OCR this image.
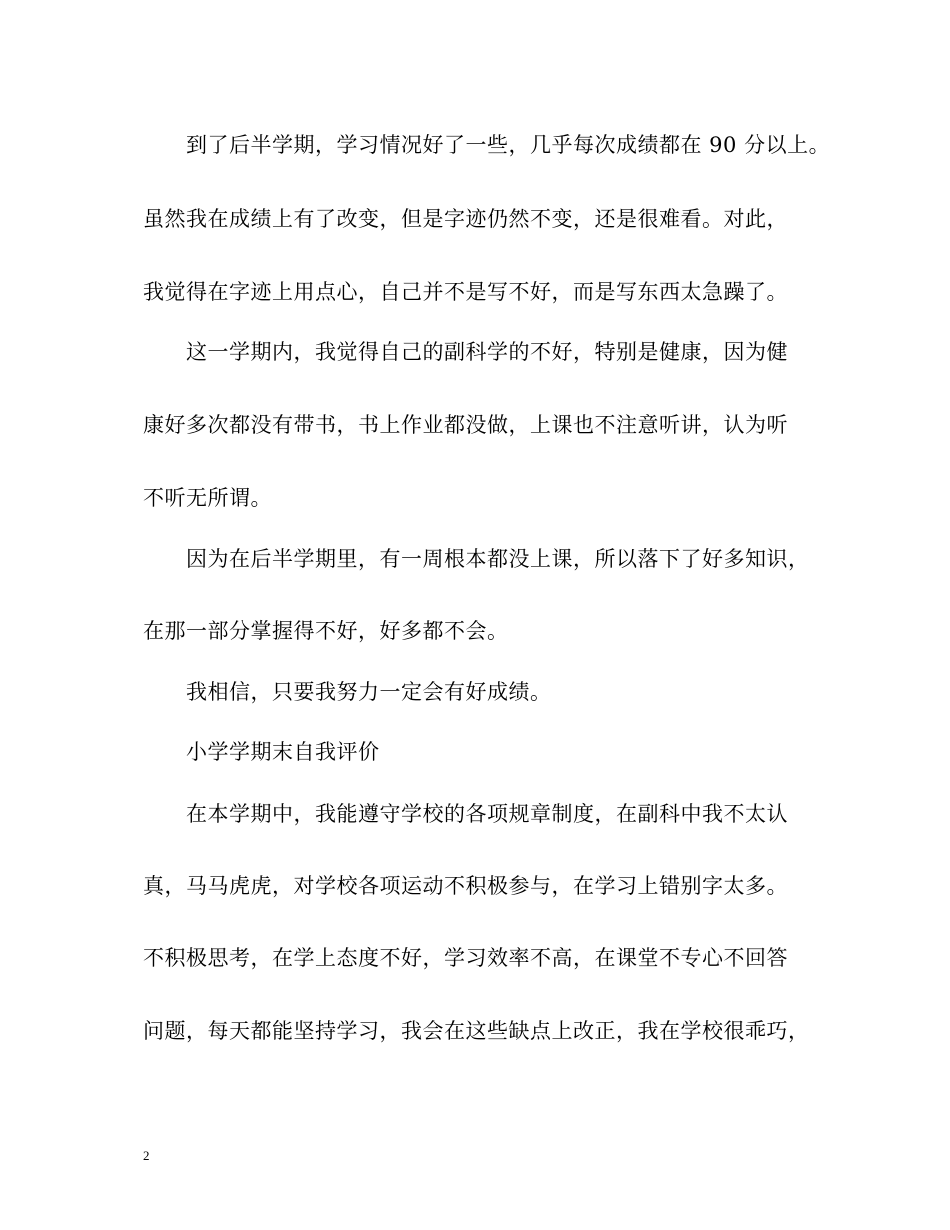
　　到了后半学期，学习情况好了一些，几乎每次成绩都在 90 分以上。
虽然我在成绩上有了改变，但是字迹仍然不变，还是很难看。对此，
我觉得在字迹上用点心，自己并不是写不好，而是写东西太急躁了。
　　这一学期内，我觉得自己的副科学的不好，特别是健康，因为健
康好多次都没有带书，书上作业都没做，上课也不注意听讲，认为听
不听无所谓。
　　因为在后半学期里，有一周根本都没上课，所以落下了好多知识，
在那一部分掌握得不好，好多都不会。
　　我相信，只要我努力一定会有好成绩。
　　小学学期末自我评价
　　在本学期中，我能遵守学校的各项规章制度，在副科中我不太认
真，马马虎虎，对学校各项运动不积极参与，在学习上错别字太多。
不积极思考，在学上态度不好，学习效率不高，在课堂不专心不回答
问题，每天都能坚持学习，我会在这些缺点上改正，我在学校很乖巧，
2
